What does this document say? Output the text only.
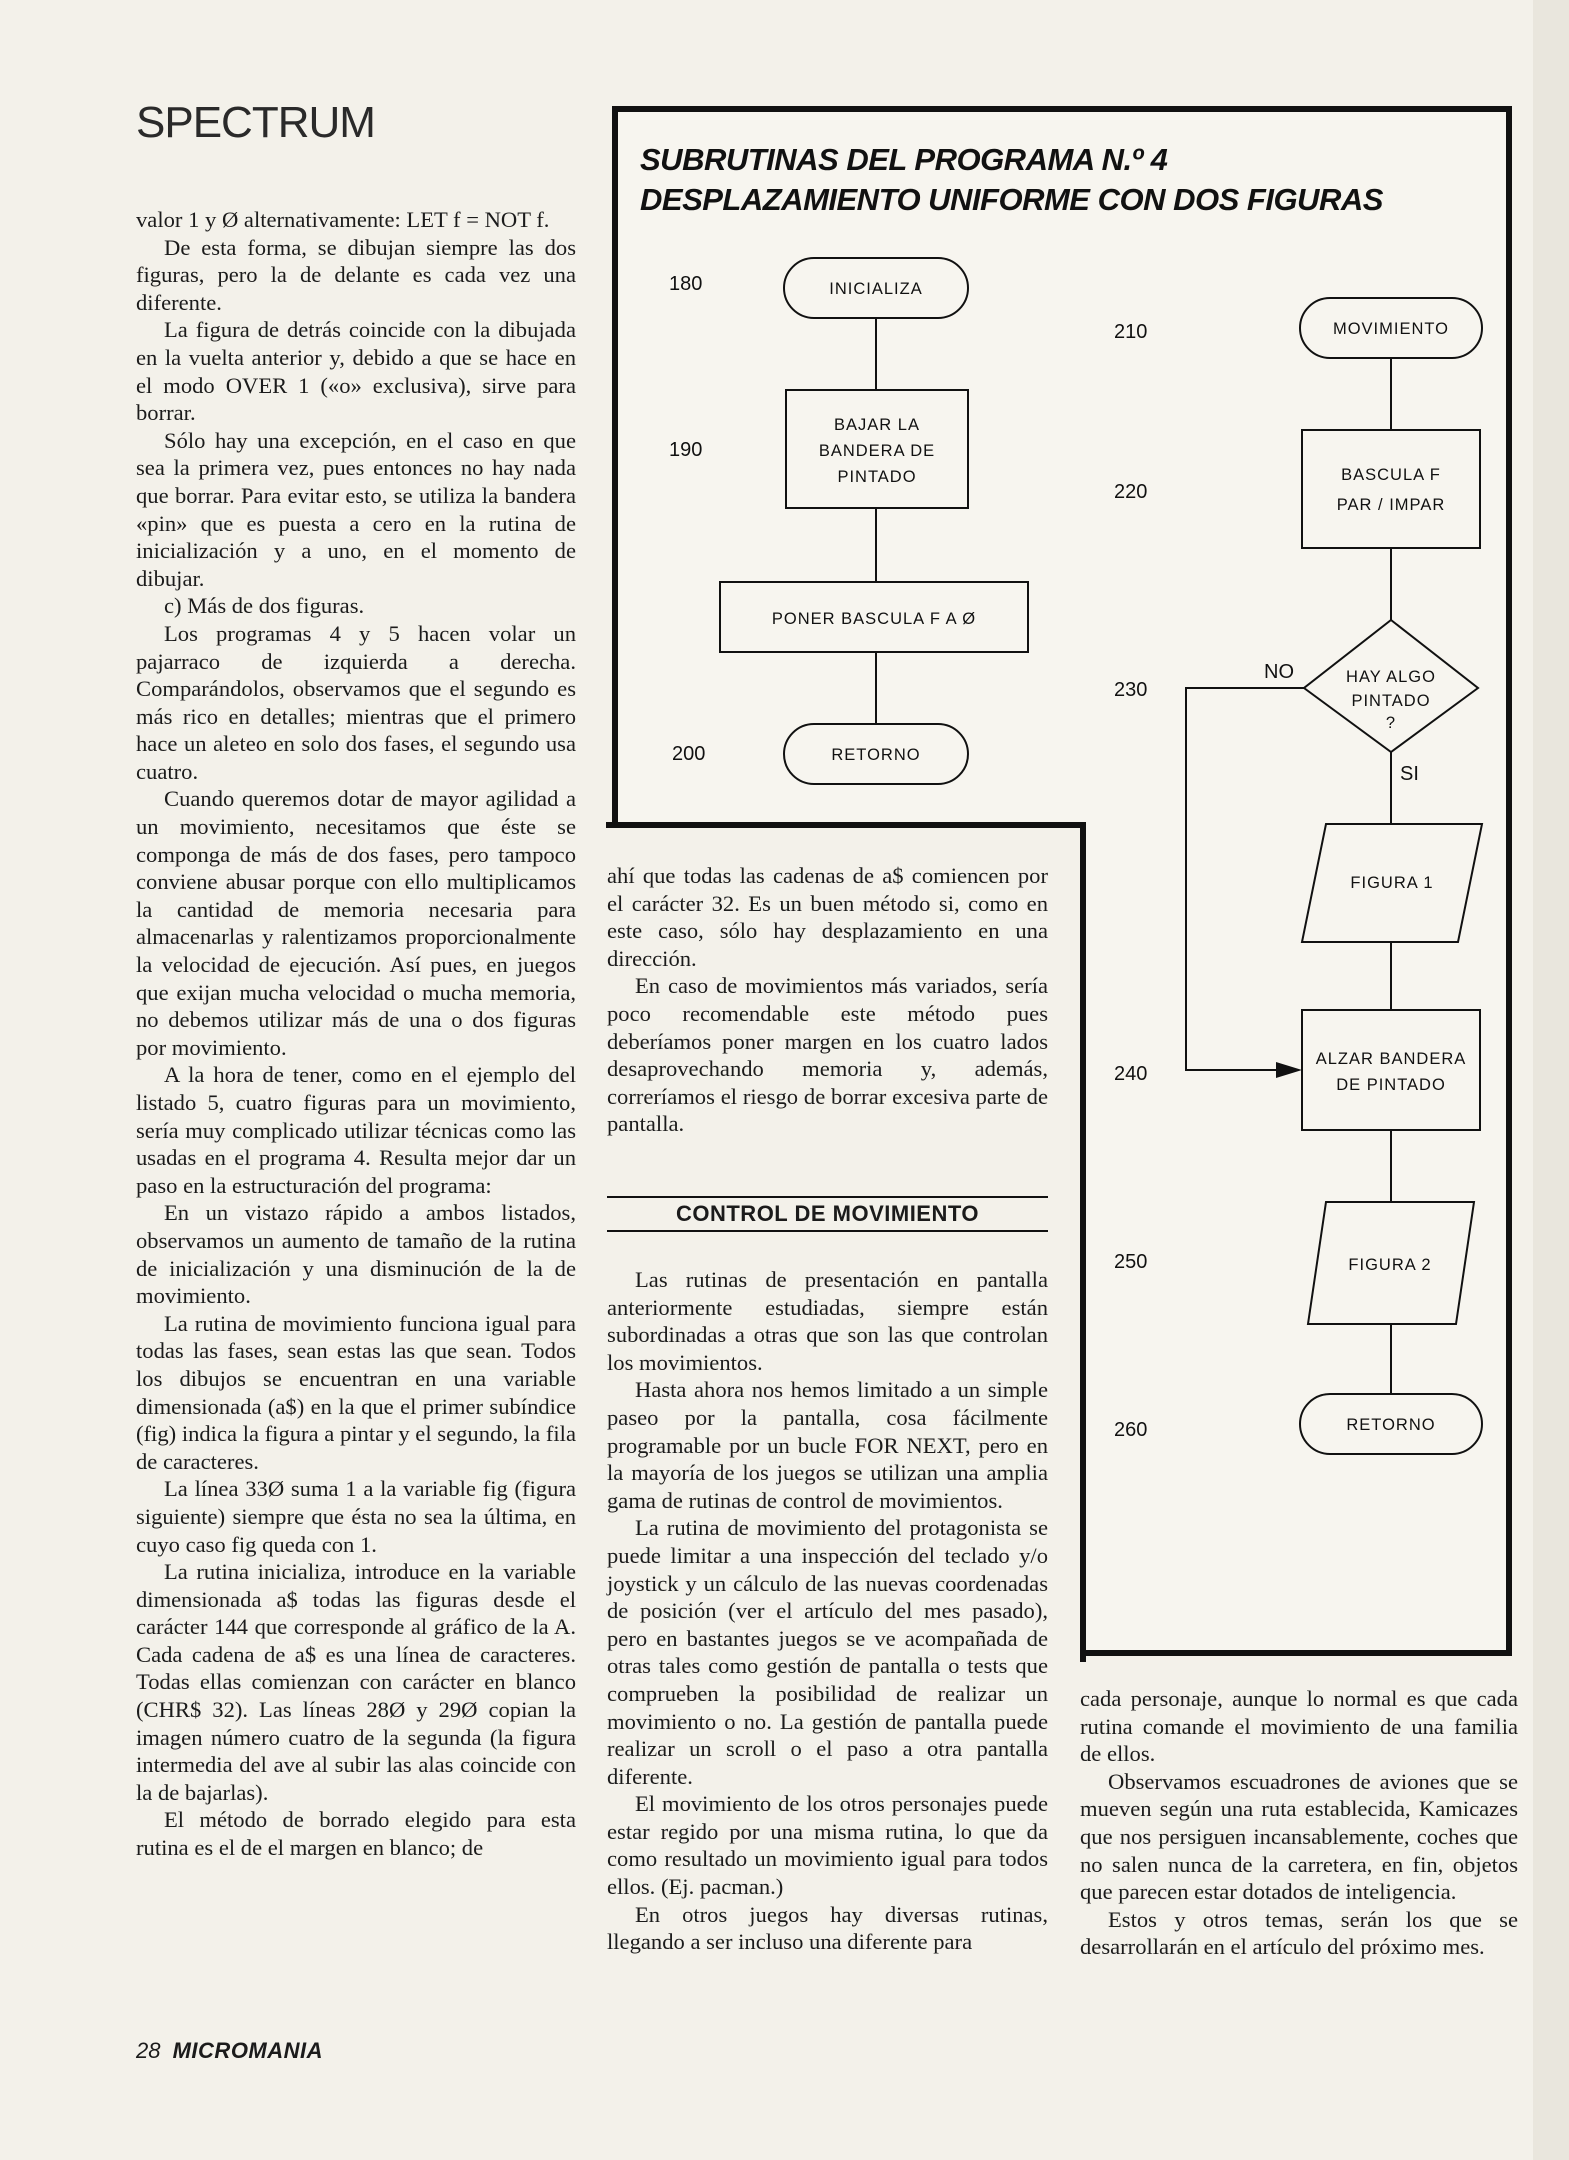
SPECTRUM

valor 1 y Ø alternativamente: LET f = NOT f.

De esta forma, se dibujan siempre las dos figuras, pero la de delante es cada vez una diferente.

La figura de detrás coincide con la dibujada en la vuelta anterior y, debido a que se hace en el modo OVER 1 («o» exclusiva), sirve para borrar.

Sólo hay una excepción, en el caso en que sea la primera vez, pues entonces no hay nada que borrar. Para evitar esto, se utiliza la bandera «pin» que es puesta a cero en la rutina de inicialización y a uno, en el momento de dibujar.

c) Más de dos figuras.

Los programas 4 y 5 hacen volar un pajarraco de izquierda a derecha. Comparándolos, observamos que el segundo es más rico en detalles; mientras que el primero hace un aleteo en solo dos fases, el segundo usa cuatro.

Cuando queremos dotar de mayor agilidad a un movimiento, necesitamos que éste se componga de más de dos fases, pero tampoco conviene abusar porque con ello multiplicamos la cantidad de memoria necesaria para almacenarlas y ralentizamos proporcionalmente la velocidad de ejecución. Así pues, en juegos que exijan mucha velocidad o mucha memoria, no debemos utilizar más de una o dos figuras por movimiento.

A la hora de tener, como en el ejemplo del listado 5, cuatro figuras para un movimiento, sería muy complicado utilizar técnicas como las usadas en el programa 4. Resulta mejor dar un paso en la estructuración del programa:

En un vistazo rápido a ambos listados, observamos un aumento de tamaño de la rutina de inicialización y una disminución de la de movimiento.

La rutina de movimiento funciona igual para todas las fases, sean estas las que sean. Todos los dibujos se encuentran en una variable dimensionada (a$) en la que el primer subíndice (fig) indica la figura a pintar y el segundo, la fila de caracteres.

La línea 33Ø suma 1 a la variable fig (figura siguiente) siempre que ésta no sea la última, en cuyo caso fig queda con 1.

La rutina inicializa, introduce en la variable dimensionada a$ todas las figuras desde el carácter 144 que corresponde al gráfico de la A. Cada cadena de a$ es una línea de caracteres. Todas ellas comienzan con carácter en blanco (CHR$ 32). Las líneas 28Ø y 29Ø copian la imagen número cuatro de la segunda (la figura intermedia del ave al subir las alas coincide con la de bajarlas).

El método de borrado elegido para esta rutina es el de el margen en blanco; de

SUBRUTINAS DEL PROGRAMA N.º 4
DESPLAZAMIENTO UNIFORME CON DOS FIGURAS
180	INICIALIZA
190
BAJAR LA
BANDERA DE
PINTADO
PONER BASCULA F A Ø
200	RETORNO
210	MOVIMIENTO
220
BASCULA F
PAR / IMPAR
230
HAY ALGO
PINTADO
?
NO
SI
FIGURA 1
240
ALZAR BANDERA
DE PINTADO
250	FIGURA 2
260	RETORNO

ahí que todas las cadenas de a$ comiencen por el carácter 32. Es un buen método si, como en este caso, sólo hay desplazamiento en una dirección.

En caso de movimientos más variados, sería poco recomendable este método pues deberíamos poner margen en los cuatro lados desaprovechando memoria y, además, correríamos el riesgo de borrar excesiva parte de pantalla.

CONTROL DE MOVIMIENTO

Las rutinas de presentación en pantalla anteriormente estudiadas, siempre están subordinadas a otras que son las que controlan los movimientos.

Hasta ahora nos hemos limitado a un simple paseo por la pantalla, cosa fácilmente programable por un bucle FOR NEXT, pero en la mayoría de los juegos se utilizan una amplia gama de rutinas de control de movimientos.

La rutina de movimiento del protagonista se puede limitar a una inspección del teclado y/o joystick y un cálculo de las nuevas coordenadas de posición (ver el artículo del mes pasado), pero en bastantes juegos se ve acompañada de otras tales como gestión de pantalla o tests que comprueben la posibilidad de realizar un movimiento o no. La gestión de pantalla puede realizar un scroll o el paso a otra pantalla diferente.

El movimiento de los otros personajes puede estar regido por una misma rutina, lo que da como resultado un movimiento igual para todos ellos. (Ej. pacman.)

En otros juegos hay diversas rutinas, llegando a ser incluso una diferente para

cada personaje, aunque lo normal es que cada rutina comande el movimiento de una familia de ellos.

Observamos escuadrones de aviones que se mueven según una ruta establecida, Kamicazes que nos persiguen incansablemente, coches que no salen nunca de la carretera, en fin, objetos que parecen estar dotados de inteligencia.

Estos y otros temas, serán los que se desarrollarán en el artículo del próximo mes.

28 MICROMANIA
